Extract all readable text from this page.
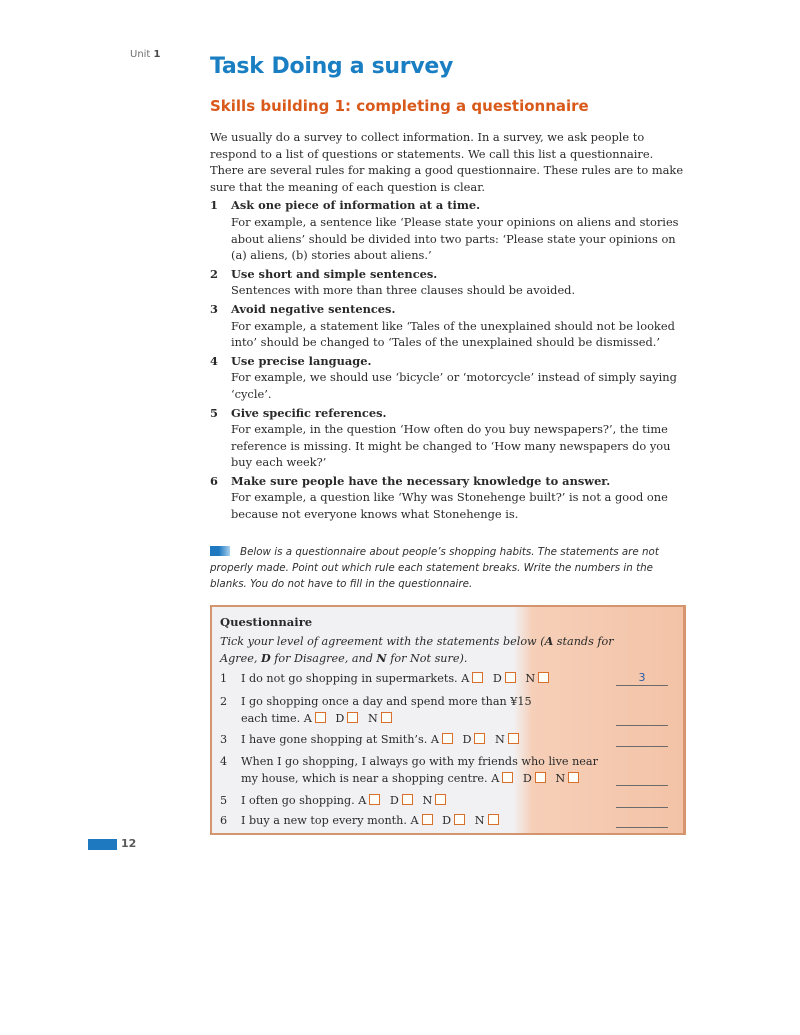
Unit 1 Task Doing a survey
Skills building 1: completing a questionnaire

We usually do a survey to collect information. In a survey, we ask people to respond to a list of questions or statements. We call this list a questionnaire. There are several rules for making a good questionnaire. These rules are to make sure that the meaning of each question is clear.

1 Ask one piece of information at a time.
For example, a sentence like ‘Please state your opinions on aliens and stories about aliens’ should be divided into two parts: ‘Please state your opinions on (a) aliens, (b) stories about aliens.’
2 Use short and simple sentences.
Sentences with more than three clauses should be avoided.
3 Avoid negative sentences.
For example, a statement like ‘Tales of the unexplained should not be looked into’ should be changed to ‘Tales of the unexplained should be dismissed.’
4 Use precise language.
For example, we should use ‘bicycle’ or ‘motorcycle’ instead of simply saying ‘cycle’.
5 Give specific references.
For example, in the question ‘How often do you buy newspapers?’, the time reference is missing. It might be changed to ‘How many newspapers do you buy each week?’
6 Make sure people have the necessary knowledge to answer.
For example, a question like ‘Why was Stonehenge built?’ is not a good one because not everyone knows what Stonehenge is.
Below is a questionnaire about people’s shopping habits. The statements are not properly made. Point out which rule each statement breaks. Write the numbers in the blanks. You do not have to fill in the questionnaire.
Questionnaire
Tick your level of agreement with the statements below (A stands for Agree, D for Disagree, and N for Not sure).
1 I do not go shopping in supermarkets. A D N	3
2 I go shopping once a day and spend more than ¥15 each time. A D N
3 I have gone shopping at Smith’s. A D N
4 When I go shopping, I always go with my friends who live near my house, which is near a shopping centre. A D N
5 I often go shopping. A D N
6 I buy a new top every month. A D N
12
